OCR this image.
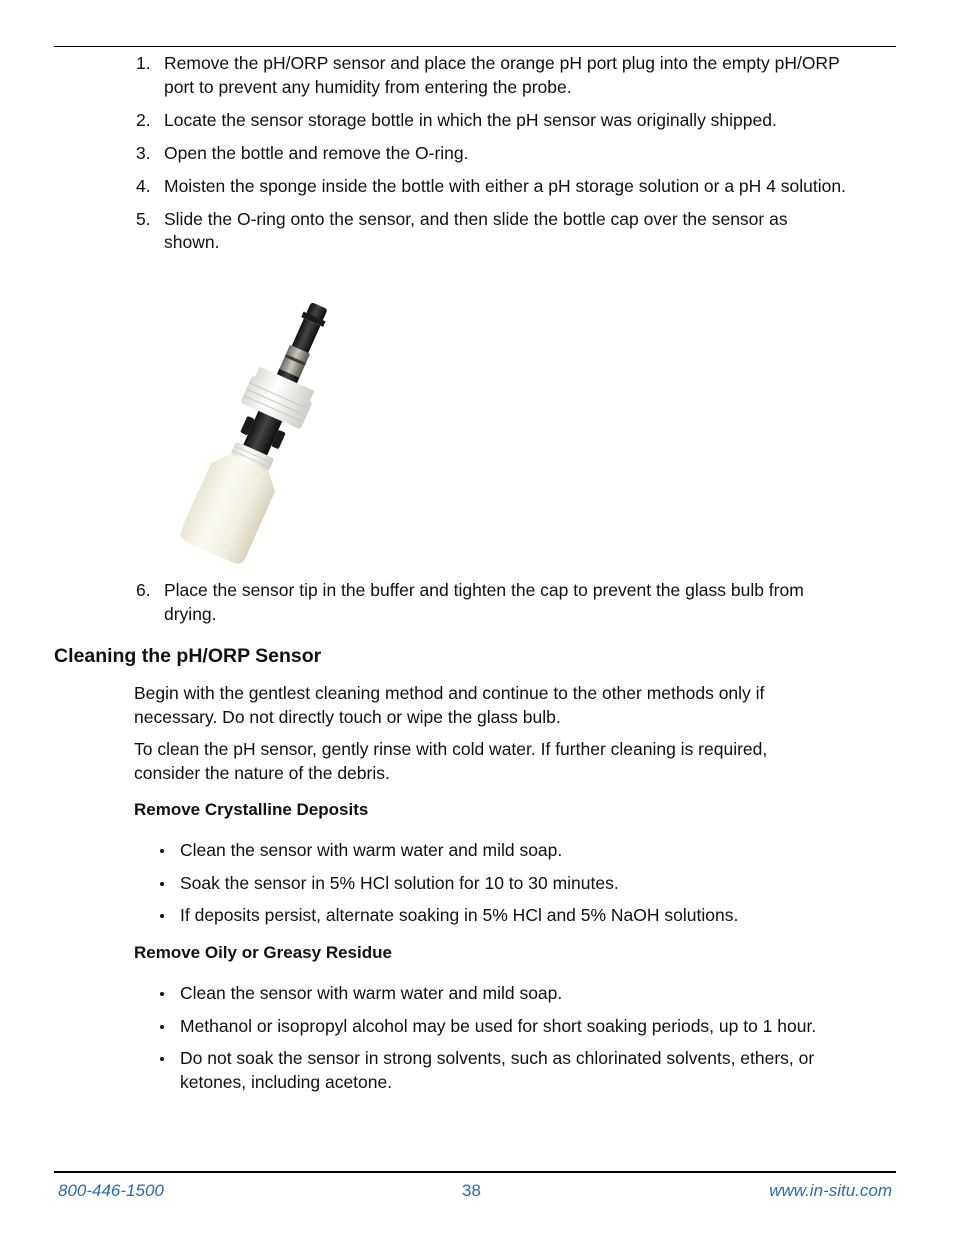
1. Remove the pH/ORP sensor and place the orange pH port plug into the empty pH/ORP port to prevent any humidity from entering the probe.
2. Locate the sensor storage bottle in which the pH sensor was originally shipped.
3. Open the bottle and remove the O-ring.
4. Moisten the sponge inside the bottle with either a pH storage solution or a pH 4 solution.
5. Slide the O-ring onto the sensor, and then slide the bottle cap over the sensor as shown.
6. Place the sensor tip in the buffer and tighten the cap to prevent the glass bulb from drying.
Cleaning the pH/ORP Sensor

Begin with the gentlest cleaning method and continue to the other methods only if necessary. Do not directly touch or wipe the glass bulb.

To clean the pH sensor, gently rinse with cold water. If further cleaning is required, consider the nature of the debris.

Remove Crystalline Deposits
Clean the sensor with warm water and mild soap.
Soak the sensor in 5% HCl solution for 10 to 30 minutes.
If deposits persist, alternate soaking in 5% HCl and 5% NaOH solutions.
Remove Oily or Greasy Residue
Clean the sensor with warm water and mild soap.
Methanol or isopropyl alcohol may be used for short soaking periods, up to 1 hour.
Do not soak the sensor in strong solvents, such as chlorinated solvents, ethers, or ketones, including acetone.
800-446-1500	38	www.in-situ.com
